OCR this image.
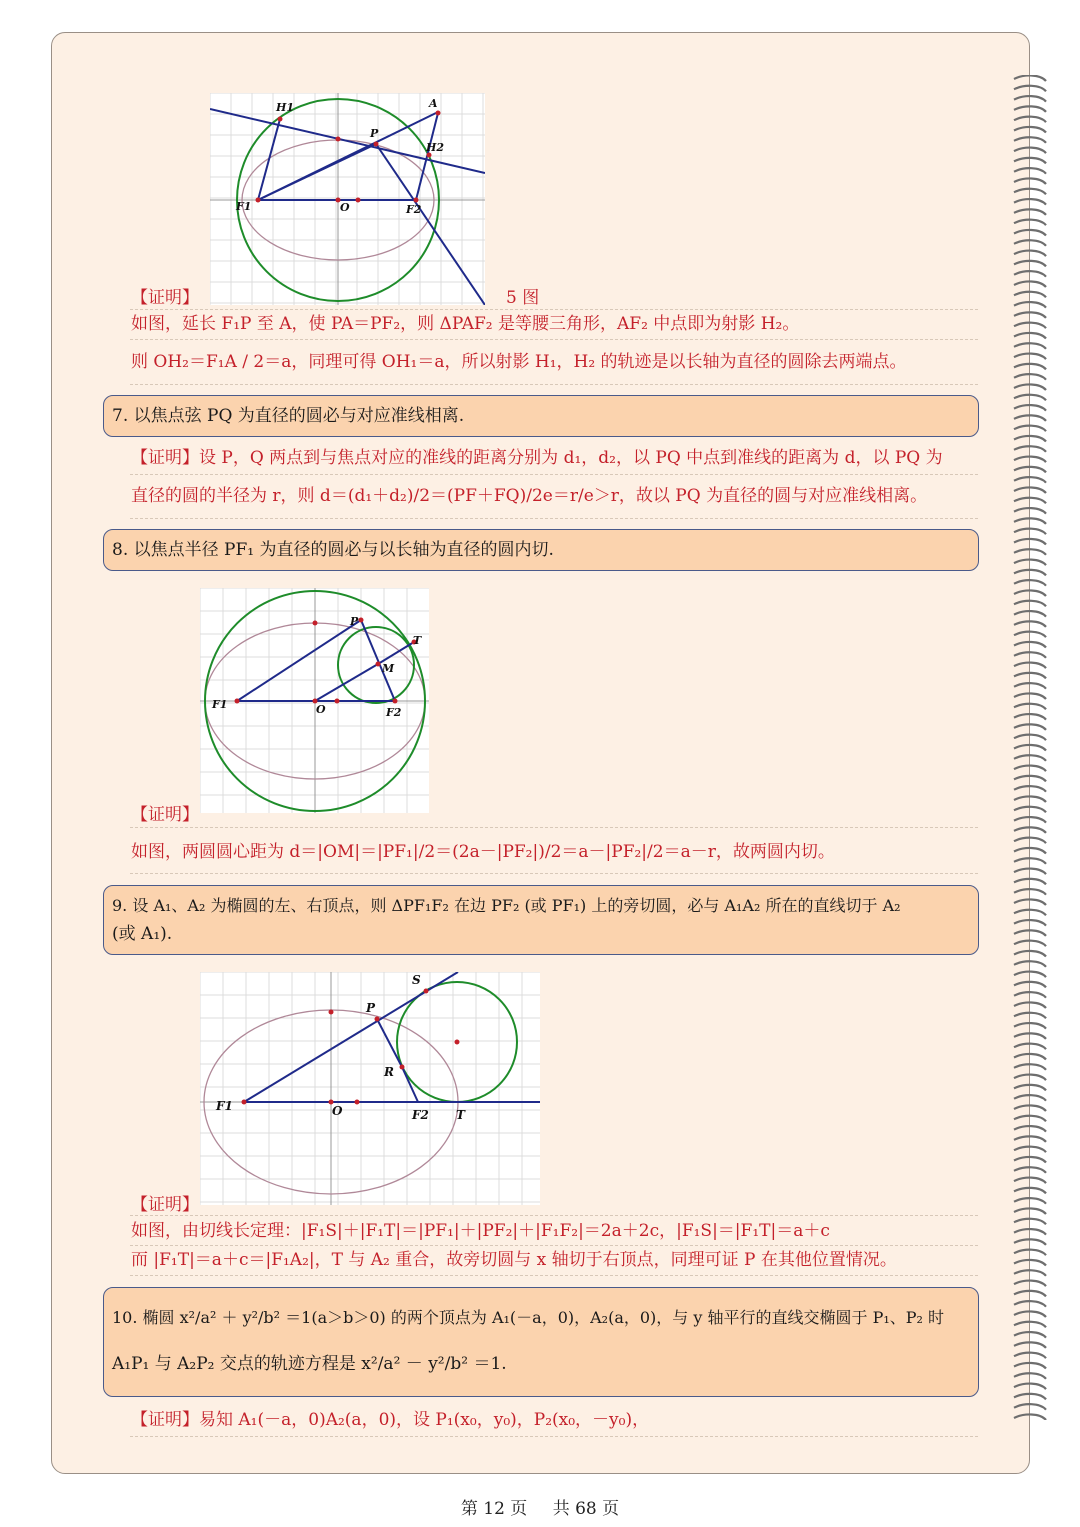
H1	A
P
H2
F1	O	F2
【证明】	5 图
如图，延长 F₁P 至 A，使 PA＝PF₂，则 ΔPAF₂ 是等腰三角形，AF₂ 中点即为射影 H₂。
则 OH₂＝F₁A / 2＝a，同理可得 OH₁＝a，所以射影 H₁，H₂ 的轨迹是以长轴为直径的圆除去两端点。
7. 以焦点弦 PQ 为直径的圆必与对应准线相离.
【证明】设 P，Q 两点到与焦点对应的准线的距离分别为 d₁，d₂，以 PQ 中点到准线的距离为 d，以 PQ 为
直径的圆的半径为 r，则 d＝(d₁＋d₂)/2＝(PF＋FQ)/2e＝r/e＞r，故以 PQ 为直径的圆与对应准线相离。
8. 以焦点半径 PF₁ 为直径的圆必与以长轴为直径的圆内切.
P
T
M
F1	O	F2
【证明】
如图，两圆圆心距为 d＝|OM|＝|PF₁|/2＝(2a－|PF₂|)/2＝a－|PF₂|/2＝a－r，故两圆内切。
9. 设 A₁、A₂ 为椭圆的左、右顶点，则 ΔPF₁F₂ 在边 PF₂ (或 PF₁) 上的旁切圆，必与 A₁A₂ 所在的直线切于 A₂
(或 A₁).
S
P
R
F1	O	F2 T
【证明】
如图，由切线长定理：|F₁S|＋|F₁T|＝|PF₁|＋|PF₂|＋|F₁F₂|＝2a＋2c，|F₁S|＝|F₁T|＝a＋c
而 |F₁T|＝a＋c＝|F₁A₂|，T 与 A₂ 重合，故旁切圆与 x 轴切于右顶点，同理可证 P 在其他位置情况。
10. 椭圆 x²/a² ＋ y²/b² ＝1(a＞b＞0) 的两个顶点为 A₁(－a，0)，A₂(a，0)，与 y 轴平行的直线交椭圆于 P₁、P₂ 时
A₁P₁ 与 A₂P₂ 交点的轨迹方程是 x²/a² － y²/b² ＝1.
【证明】易知 A₁(－a，0)A₂(a，0)，设 P₁(x₀，y₀)，P₂(x₀，－y₀)，
第 12 页 共 68 页
